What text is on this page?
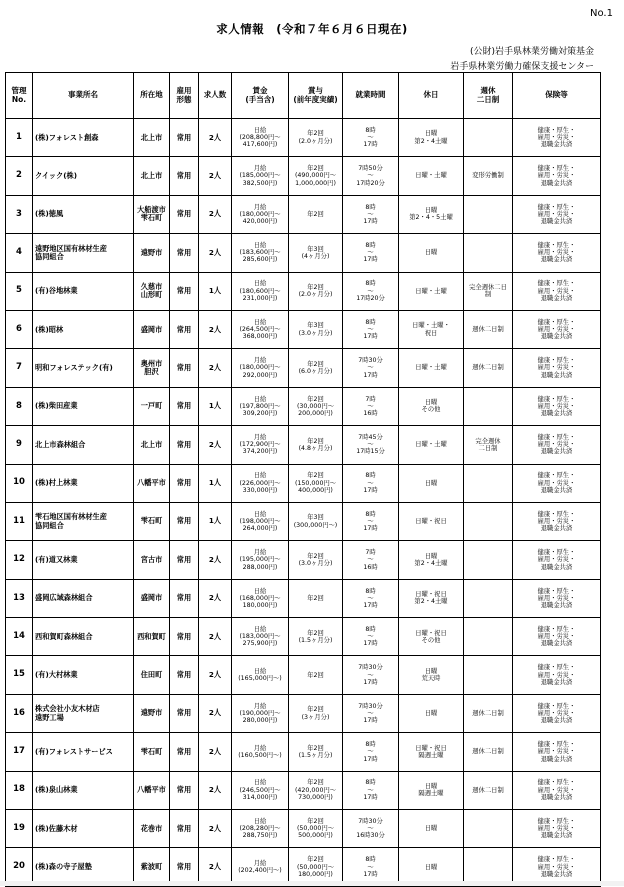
No.1
求人情報　(令和７年６月６日現在)
(公財)岩手県林業労働対策基金
岩手県林業労働力確保支援センター
管理
No.	事業所名	所在地	雇用
形態	求人数	賃金
(手当含)	賞与
(前年度実績)	就業時間	休日	週休
二日制	保険等

1	(株)フォレスト創森	北上市	常用	2人	日給
(208,800円～
417,600円)	年2回
(2.0ヶ月分)	8時
～
17時	日曜
第2・4土曜		健康・厚生・
雇用・労災・
退職金共済

2	クイック(株)	北上市	常用	2人	月給
(185,000円～
382,500円)	年2回
(490,000円～
1,000,000円)	7時50分
～
17時20分	日曜・土曜	変形労働制	健康・厚生・
雇用・労災・
退職金共済

3	(株)徳風	大船渡市
雫石町	常用	2人	月給
(180,000円～
420,000円)	年2回	8時
～
17時	日曜
第2・4・5土曜		健康・厚生・
雇用・労災・
退職金共済

4	遠野地区国有林材生産
協同組合	遠野市	常用	2人	日給
(183,600円～
285,600円)	年3回
(4ヶ月分)	8時
～
17時	日曜		健康・厚生・
雇用・労災・
退職金共済

5	(有)谷地林業	久慈市
山形町	常用	1人	日給
(180,600円～
231,000円)	年2回
(2.0ヶ月分)	8時
～
17時20分	日曜・土曜	完全週休二日
制	健康・厚生・
雇用・労災・
退職金共済

6	(株)昭林	盛岡市	常用	2人	日給
(264,500円～
368,000円)	年3回
(3.0ヶ月分)	8時
～
17時	日曜・土曜・
祝日	週休二日制	健康・厚生・
雇用・労災・
退職金共済

7	明和フォレステック(有)	奥州市
胆沢	常用	2人	月給
(180,000円～
292,000円)	年2回
(6.0ヶ月分)	7時30分
～
17時	日曜・土曜	週休二日制	健康・厚生・
雇用・労災・
退職金共済

8	(株)柴田産業	一戸町	常用	1人	日給
(197,800円～
309,200円)	年2回
(30,000円～
200,000円)	7時
～
16時	日曜
その他		健康・厚生・
雇用・労災・
退職金共済

9	北上市森林組合	北上市	常用	2人	月給
(172,900円～
374,200円)	年2回
(4.8ヶ月分)	7時45分
～
17時15分	日曜・土曜	完全週休
二日制	健康・厚生・
雇用・労災・
退職金共済

10	(株)村上林業	八幡平市	常用	1人	日給
(226,000円～
330,000円)	年2回
(150,000円～
400,000円)	8時
～
17時	日曜		健康・厚生・
雇用・労災・
退職金共済

11	雫石地区国有林材生産
協同組合	雫石町	常用	1人	日給
(198,000円～
264,000円)	年3回
(300,000円～)	8時
～
17時	日曜・祝日		健康・厚生・
雇用・労災・
退職金共済

12	(有)道又林業	宮古市	常用	2人	月給
(195,000円～
288,000円)	年2回
(3.0ヶ月分)	7時
～
16時	日曜
第2・4土曜		健康・厚生・
雇用・労災・
退職金共済

13	盛岡広域森林組合	盛岡市	常用	2人	日給
(168,000円～
180,000円)	年2回	8時
～
17時	日曜・祝日
第2・4土曜		健康・厚生・
雇用・労災・
退職金共済

14	西和賀町森林組合	西和賀町	常用	2人	日給
(183,000円～
275,900円)	年2回
(1.5ヶ月分)	8時
～
17時	日曜・祝日
その他		健康・厚生・
雇用・労災・
退職金共済

15	(有)大村林業	住田町	常用	2人	日給
(165,000円～)	年2回	7時30分
～
17時	日曜
荒天時		健康・厚生・
雇用・労災・
退職金共済

16	株式会社小友木材店
遠野工場	遠野市	常用	2人	月給
(190,000円～
280,000円)	年2回
(3ヶ月分)	7時30分
～
17時	日曜	週休二日制	健康・厚生・
雇用・労災・
退職金共済

17	(有)フォレストサービス	雫石町	常用	2人	月給
(160,500円～)	年2回
(1.5ヶ月分)	8時
～
17時	日曜・祝日
隔週土曜	週休二日制	健康・厚生・
雇用・労災・
退職金共済

18	(株)泉山林業	八幡平市	常用	2人	日給
(246,500円～
314,000円)	年2回
(420,000円～
730,000円)	8時
～
17時	日曜
隔週土曜	週休二日制	健康・厚生・
雇用・労災・
退職金共済

19	(株)佐藤木材	花巻市	常用	2人	日給
(208,280円～
288,750円)	年2回
(50,000円～
500,000円)	7時30分
～
16時30分	日曜		健康・厚生・
雇用・労災・
退職金共済

20	(株)森の寺子屋塾	紫波町	常用	2人	月給
(202,400円～)	年2回
(50,000円～
180,000円)	8時
～
17時	日曜		健康・厚生・
雇用・労災・
退職金共済
